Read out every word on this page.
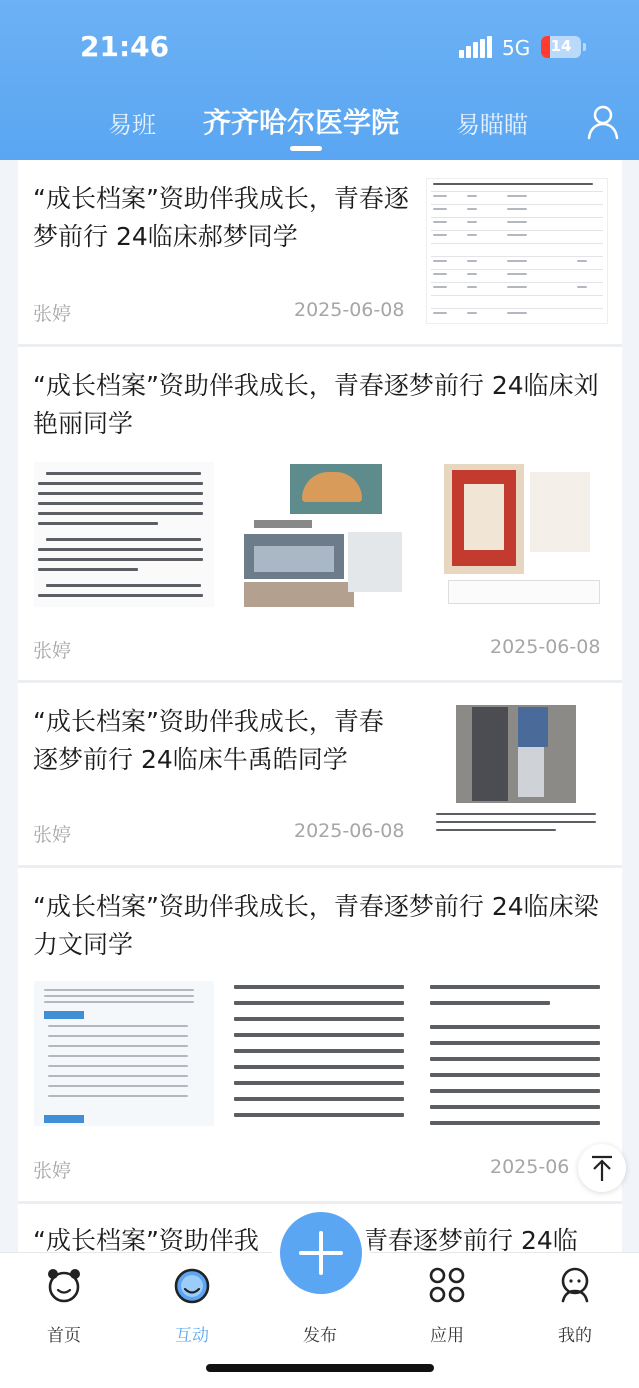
21:46	5G	14
易班 齐齐哈尔医学院 易瞄瞄
“成长档案”资助伴我成长，青春逐梦前行 24临床郝梦同学
张婷	2025-06-08
“成长档案”资助伴我成长，青春逐梦前行 24临床刘艳丽同学
张婷	2025-06-08
“成长档案”资助伴我成长，青春逐梦前行 24临床牛禹皓同学
张婷	2025-06-08
“成长档案”资助伴我成长，青春逐梦前行 24临床梁力文同学
张婷	2025-06
“成长档案”资助伴我	青春逐梦前行 24临
首页	互动	发布	应用	我的
